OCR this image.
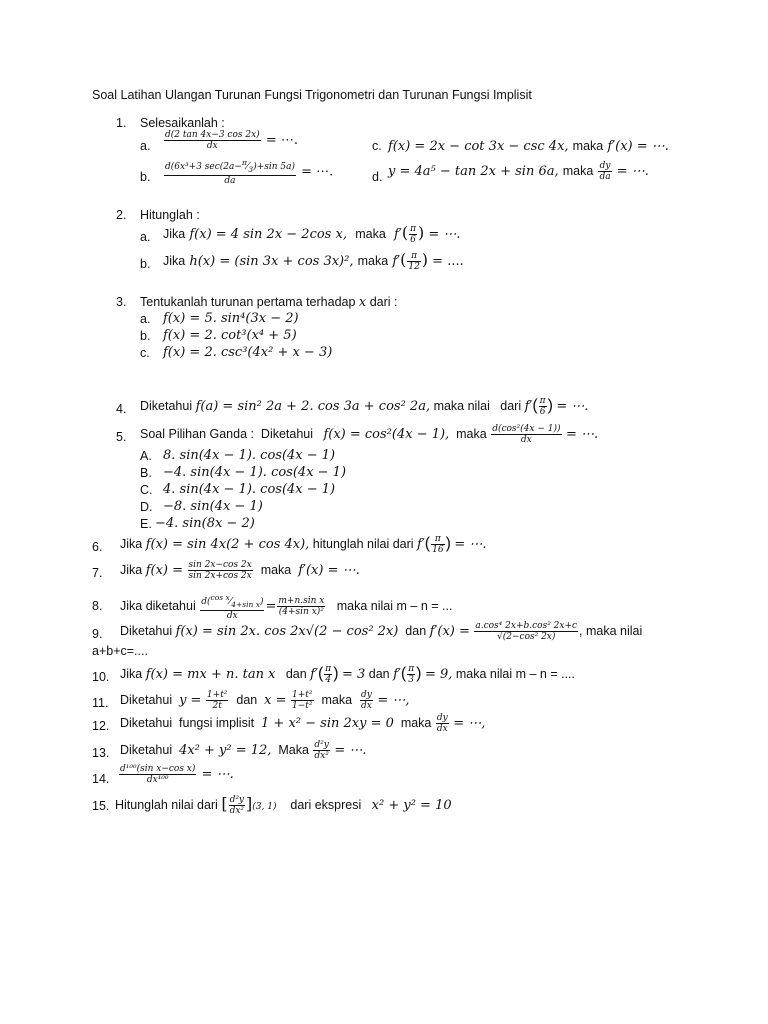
Soal Latihan Ulangan Turunan Fungsi Trigonometri dan Turunan Fungsi Implisit
1. Selesaikanlah :
a. $\frac{d(2 \tan 4x-3 \cos 2x)}{dx}$ = ⋯.	c. f(x) = 2x − cot 3x − csc 4x, maka f′(x) = ⋯.
b. $\frac{d(6x^3+3 \sec(2a-^\pi⁄_3)+\sin 5a)}{da}$ = ⋯.	d. y = 4a⁵ − tan 2x + sin 6a, maka $\frac{dy}{da}$ = ⋯.
2. Hitunglah :
a. Jika f(x) = 4 sin 2x − 2cos x,  maka  $f'( \frac{\pi}{6}$ ) = ⋯.
b. Jika h(x) = (sin 3x + cos 3x)², maka $f'( \frac{\pi}{12}$ ) = ....
3. Tentukanlah turunan pertama terhadap x dari :
a. f(x) = 5. sin⁴(3x − 2)
b. f(x) = 2. cot³(x⁴ + 5)
c. f(x) = 2. csc³(4x² + x − 3)
4. Diketahui f(a) = sin² 2a + 2. cos 3a + cos² 2a, maka nilai   dari $f'( \frac{\pi}{6}$ ) = ⋯.
5. Soal Pilihan Ganda :  Diketahui   f(x) = cos²(4x − 1),  maka $\frac{\text{d(cos²(4x − 1))}}{dx}$ = ⋯.
A. 8. sin(4x − 1). cos(4x − 1)
B. −4. sin(4x − 1). cos(4x − 1)
C. 4. sin(4x − 1). cos(4x − 1)
D. −8. sin(4x − 1)
E. −4. sin(8x − 2)
6. Jika f(x) = sin 4x(2 + cos 4x), hitunglah nilai dari $f'( \frac{\pi}{16}$ ) = ⋯.
7. Jika $f(x) = \frac{\sin 2x-\cos 2x}{\sin 2x+\cos 2x}$ maka  f′(x) = ⋯.
8. Jika diketahui $\frac{d(^{cos x}⁄_{4+sin x})}{dx} = \frac{\text{m+n.sin x}}{\text{(4+sin x)²}}$ maka nilai m – n = ...
9. Diketahui f(x) = sin 2x. cos 2x√(2 − cos² 2x)  dan $f'(x) = \frac{\text{a.cos⁴ 2x+b.cos² 2x+c}}{\text{√(2−cos² 2x)}}$ , maka nilai
a+b+c=....
10. Jika f(x) = mx + n. tan x   dan $f'( \frac{\pi}{4}$ ) = 3 dan $f'( \frac{\pi}{3}$ ) = 9, maka nilai m – n = ....
11. Diketahui  $y = \frac{\text{1+t²}}{2t}$ dan  $x = \frac{\text{1+t²}}{\text{1−t²}}$ maka $\frac{dy}{dx}$ = ⋯,
12. Diketahui  fungsi implisit  1 + x² − sin 2xy = 0  maka $\frac{dy}{dx}$ = ⋯,
13. Diketahui  4x² + y² = 12,  Maka $\frac{\text{d²y}}{\text{dx²}}$ = ⋯.
14. $\frac{\text{d¹⁰⁰(sin x−cos x)}}{\text{dx¹⁰⁰}}$ = ⋯.
15. Hitunglah nilai dari [ $\frac{\text{d²y}}{\text{dx²}} ](3$, 1)    dari ekspresi   x² + y² = 10
